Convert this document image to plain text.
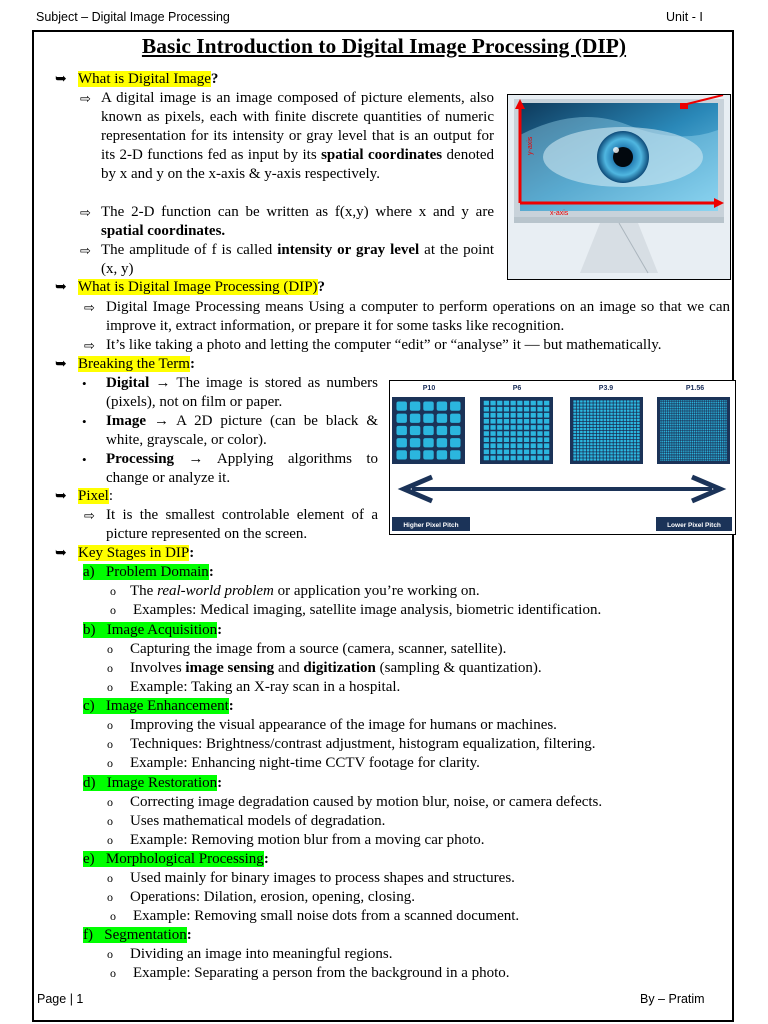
Subject – Digital Image Processing	Unit - I
Basic Introduction to Digital Image Processing (DIP)
➥ What is Digital Image?
⇨ A digital image is an image composed of picture elements, also known as pixels, each with finite discrete quantities of numeric representation for its intensity or gray level that is an output for its 2-D functions fed as input by its spatial coordinates denoted by x and y on the x-axis & y-axis respectively.
⇨ The 2-D function can be written as f(x,y) where x and y are spatial coordinates.
⇨ The amplitude of f is called intensity or gray level at the point (x, y)
x-axis
y-axis
➥ What is Digital Image Processing (DIP)?
⇨ Digital Image Processing means Using a computer to perform operations on an image so that we can improve it, extract information, or prepare it for some tasks like recognition.
⇨ It’s like taking a photo and letting the computer “edit” or “analyse” it — but mathematically.
➥ Breaking the Term:
• Digital → The image is stored as numbers (pixels), not on film or paper.
• Image → A 2D picture (can be black & white, grayscale, or color).
• Processing → Applying algorithms to change or analyze it.
P10	P6	P3.9	P1.56
Higher Pixel Pitch	Lower Pixel Pitch
➥ Pixel:
⇨ It is the smallest controlable element of a picture represented on the screen.
➥ Key Stages in DIP:
a) Problem Domain:
o The real-world problem or application you’re working on.
o Examples: Medical imaging, satellite image analysis, biometric identification.
b) Image Acquisition:
o Capturing the image from a source (camera, scanner, satellite).
o Involves image sensing and digitization (sampling & quantization).
o Example: Taking an X-ray scan in a hospital.
c) Image Enhancement:
o Improving the visual appearance of the image for humans or machines.
o Techniques: Brightness/contrast adjustment, histogram equalization, filtering.
o Example: Enhancing night-time CCTV footage for clarity.
d) Image Restoration:
o Correcting image degradation caused by motion blur, noise, or camera defects.
o Uses mathematical models of degradation.
o Example: Removing motion blur from a moving car photo.
e) Morphological Processing:
o Used mainly for binary images to process shapes and structures.
o Operations: Dilation, erosion, opening, closing.
o Example: Removing small noise dots from a scanned document.
f) Segmentation:
o Dividing an image into meaningful regions.
o Example: Separating a person from the background in a photo.
Page | 1	By – Pratim
